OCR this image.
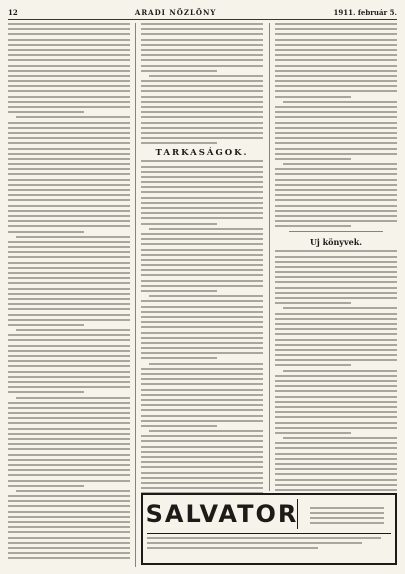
12	ARADI NÖZLÖNY	1911. február 5.
TARKASÁGOK.
Uj könyvek.
SALVATOR
